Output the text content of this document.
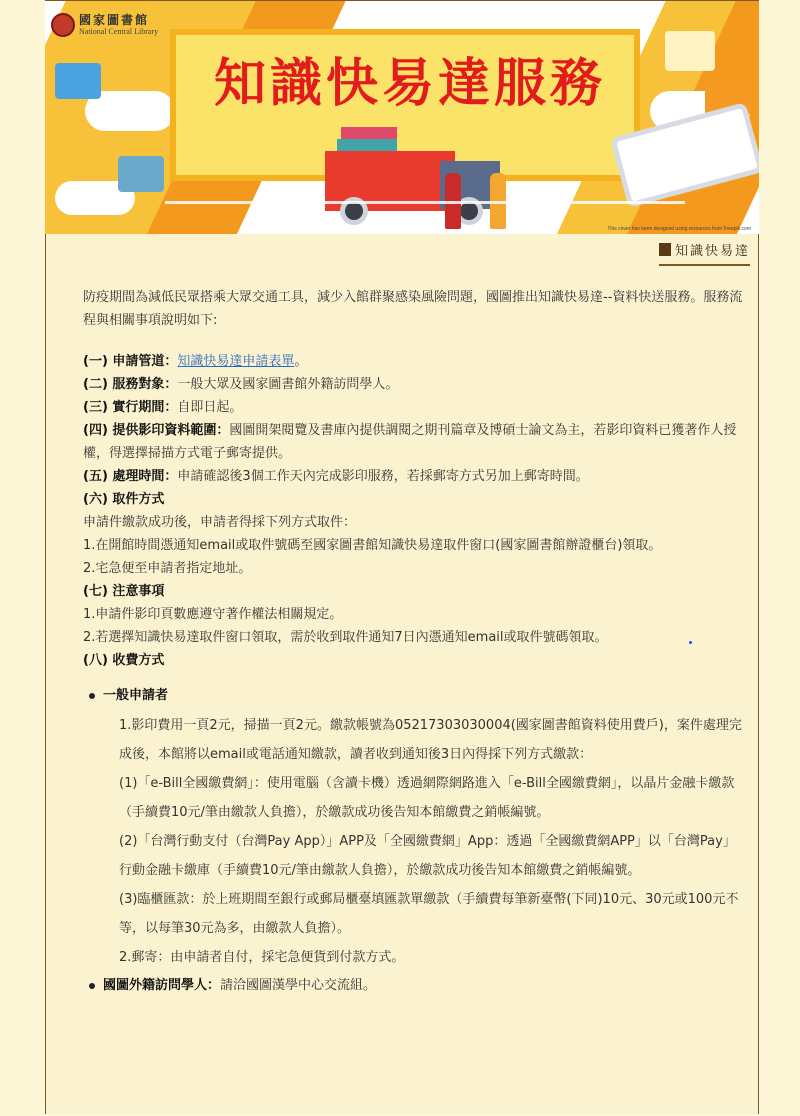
知識快易達服務
國家圖書館
National Central Library
This cover has been designed using resources from Freepik.com
知識快易達

防疫期間為減低民眾搭乘大眾交通工具，減少入館群聚感染風險問題，國圖推出知識快易達--資料快送服務。服務流程與相關事項說明如下:

(一) 申請管道：知識快易達申請表單。

(二) 服務對象：一般大眾及國家圖書館外籍訪問學人。

(三) 實行期間：自即日起。

(四) 提供影印資料範圍：國圖開架閱覽及書庫內提供調閱之期刊篇章及博碩士論文為主，若影印資料已獲著作人授權，得選擇掃描方式電子郵寄提供。

(五) 處理時間：申請確認後3個工作天內完成影印服務，若採郵寄方式另加上郵寄時間。

(六) 取件方式

申請件繳款成功後，申請者得採下列方式取件：

1.在開館時間憑通知email或取件號碼至國家圖書館知識快易達取件窗口(國家圖書館辦證櫃台)領取。

2.宅急便至申請者指定地址。

(七) 注意事項

1.申請件影印頁數應遵守著作權法相關規定。

2.若選擇知識快易達取件窗口領取，需於收到取件通知7日內憑通知email或取件號碼領取。

(八) 收費方式

一般申請者
1.影印費用一頁2元，掃描一頁2元。繳款帳號為05217303030004(國家圖書館資料使用費戶)，案件處理完成後，本館將以email或電話通知繳款，讀者收到通知後3日內得採下列方式繳款：
(1)「e-Bill全國繳費網」：使用電腦（含讀卡機）透過網際網路進入「e-Bill全國繳費網」，以晶片金融卡繳款（手續費10元/筆由繳款人負擔），於繳款成功後告知本館繳費之銷帳編號。
(2)「台灣行動支付（台灣Pay App）」APP及「全國繳費網」App：透過「全國繳費網APP」以「台灣Pay」行動金融卡繳庫（手續費10元/筆由繳款人負擔），於繳款成功後告知本館繳費之銷帳編號。
(3)臨櫃匯款：於上班期間至銀行或郵局櫃臺填匯款單繳款（手續費每筆新臺幣(下同)10元、30元或100元不等，以每筆30元為多，由繳款人負擔）。
2.郵寄：由申請者自付，採宅急便貨到付款方式。
國圖外籍訪問學人：請洽國圖漢學中心交流組。
